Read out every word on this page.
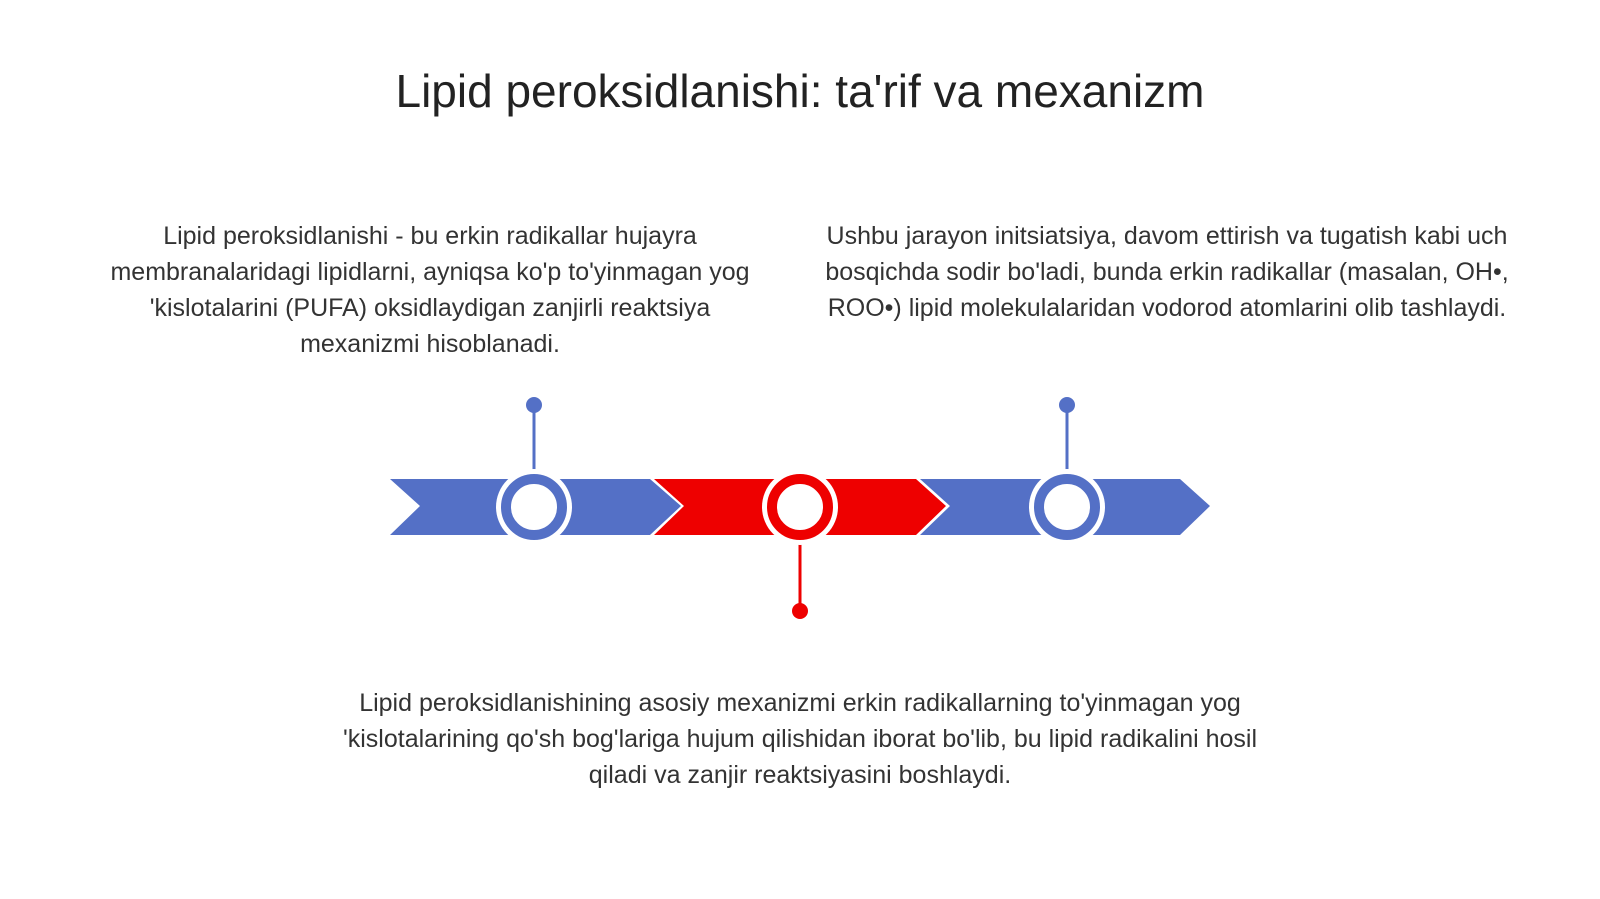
Lipid peroksidlanishi: ta'rif va mexanizm
Lipid peroksidlanishi - bu erkin radikallar hujayra membranalaridagi lipidlarni, ayniqsa ko'p to'yinmagan yog 'kislotalarini (PUFA) oksidlaydigan zanjirli reaktsiya mexanizmi hisoblanadi.
Ushbu jarayon initsiatsiya, davom ettirish va tugatish kabi uch bosqichda sodir bo'ladi, bunda erkin radikallar (masalan, OH•, ROO•) lipid molekulalaridan vodorod atomlarini olib tashlaydi.
Lipid peroksidlanishining asosiy mexanizmi erkin radikallarning to'yinmagan yog 'kislotalarining qo'sh bog'lariga hujum qilishidan iborat bo'lib, bu lipid radikalini hosil qiladi va zanjir reaktsiyasini boshlaydi.
